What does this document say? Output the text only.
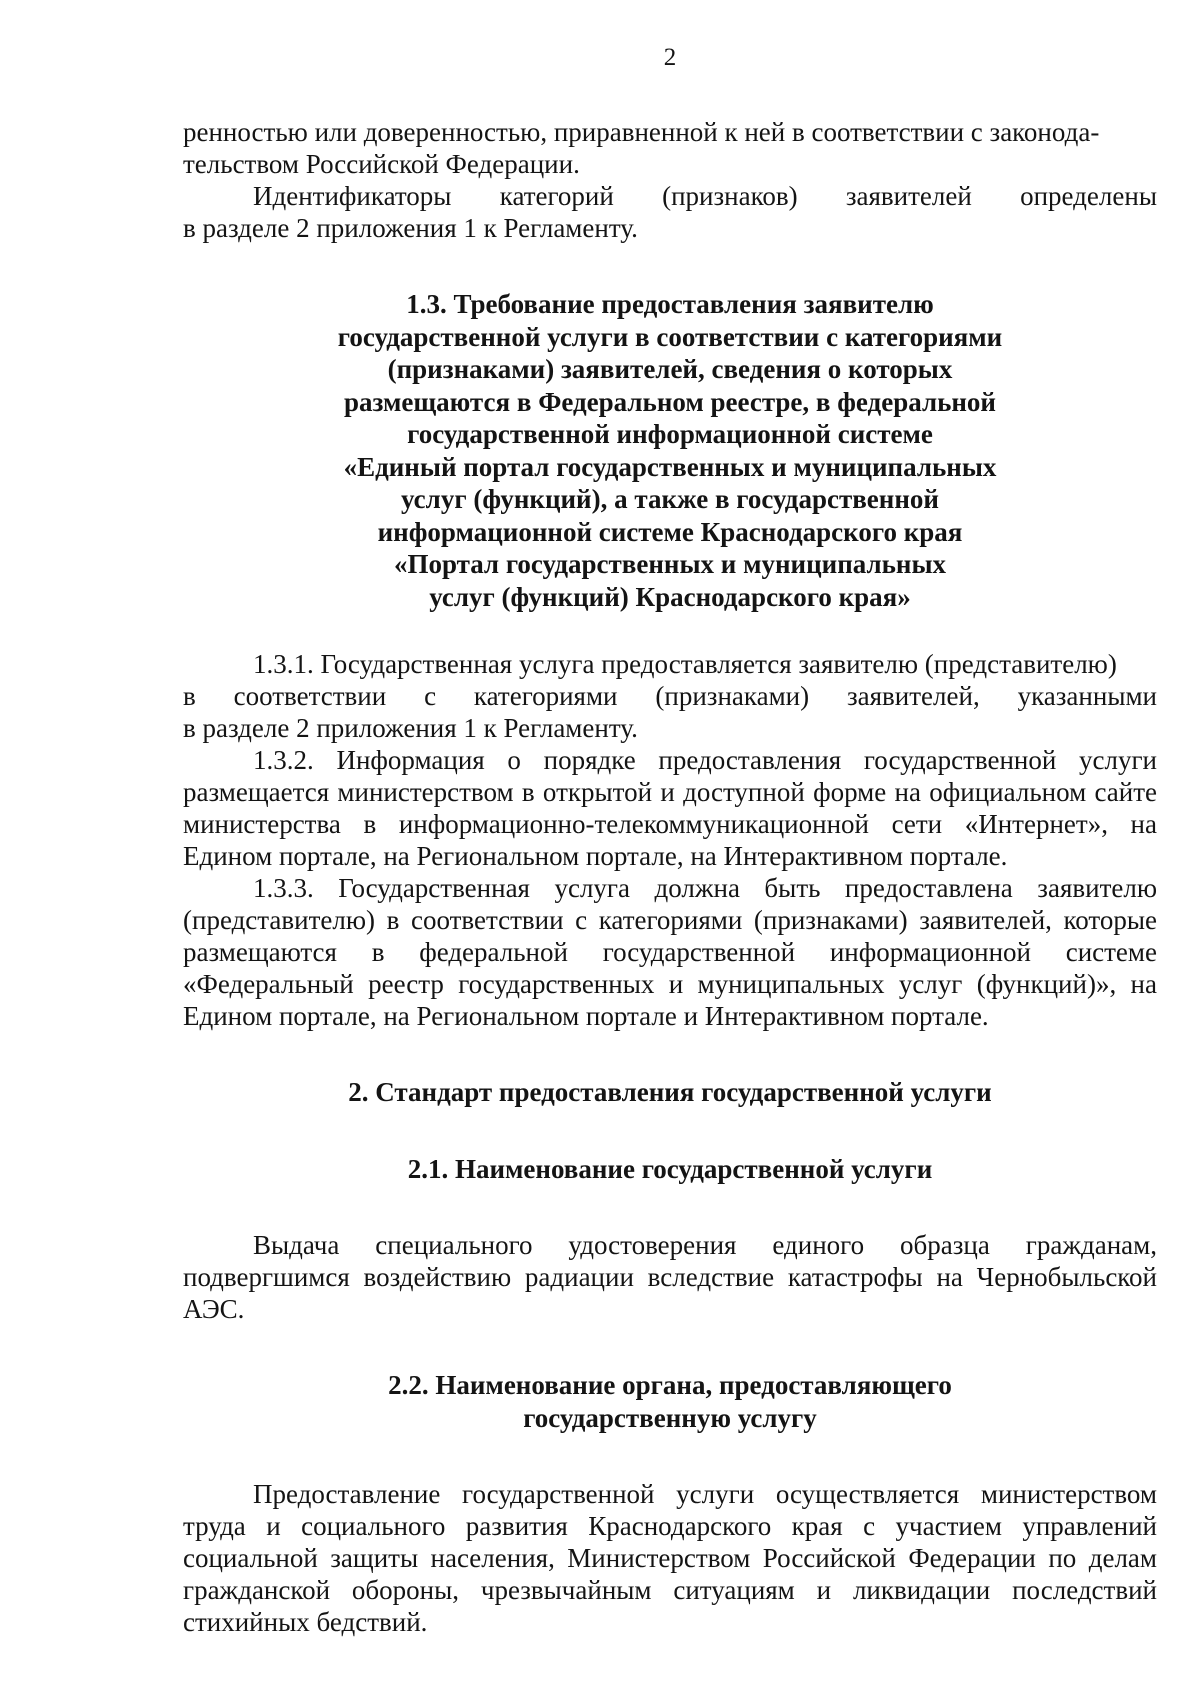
2
ренностью или доверенностью, приравненной к ней в соответствии с законода-

тельством Российской Федерации.

Идентификаторы категорий (признаков) заявителей определены

в разделе 2 приложения 1 к Регламенту.

1.3. Требование предоставления заявителю
государственной услуги в соответствии с категориями
(признаками) заявителей, сведения о которых
размещаются в Федеральном реестре, в федеральной
государственной информационной системе
«Единый портал государственных и муниципальных
услуг (функций), а также в государственной
информационной системе Краснодарского края
«Портал государственных и муниципальных
услуг (функций) Краснодарского края»

1.3.1. Государственная услуга предоставляется заявителю (представителю)

в соответствии с категориями (признаками) заявителей, указанными

в разделе 2 приложения 1 к Регламенту.

1.3.2. Информация о порядке предоставления государственной услуги размещается министерством в открытой и доступной форме на официальном сайте министерства в информационно-телекоммуникационной сети «Интернет», на Едином портале, на Региональном портале, на Интерактивном портале.

1.3.3. Государственная услуга должна быть предоставлена заявителю (представителю) в соответствии с категориями (признаками) заявителей, которые размещаются в федеральной государственной информационной системе «Федеральный реестр государственных и муниципальных услуг (функций)», на Едином портале, на Региональном портале и Интерактивном портале.

2. Стандарт предоставления государственной услуги
2.1. Наименование государственной услуги

Выдача специального удостоверения единого образца гражданам, подвергшимся воздействию радиации вследствие катастрофы на Чернобыльской АЭС.

2.2. Наименование органа, предоставляющего
государственную услугу

Предоставление государственной услуги осуществляется министерством труда и социального развития Краснодарского края с участием управлений социальной защиты населения, Министерством Российской Федерации по делам гражданской обороны, чрезвычайным ситуациям и ликвидации последствий стихийных бедствий.
